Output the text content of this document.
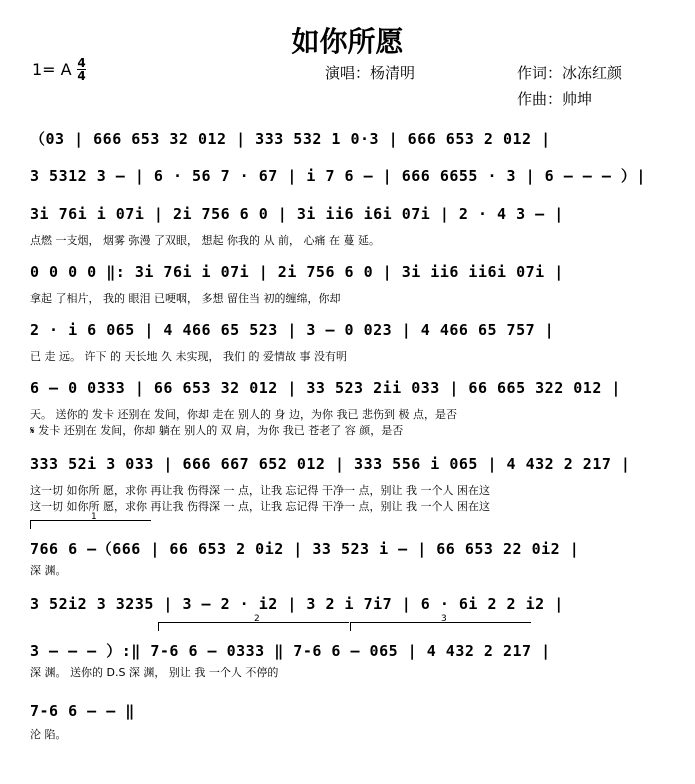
如你所愿
1= A 4
4	演唱：杨清明	作词：冰冻红颜
作曲：帅坤
（03 | 666 653 32 012 | 333 532 1 0·3 | 666 653 2 012 |
3 5312 3 – | 6 · 56 7 · 67 | i 7 6 – | 666 6655 · 3 | 6 – – – ）|
3i 76i i 07i | 2i 756 6 0 | 3i ii6 i6i 07i | 2 · 4 3 – |
点燃 一支烟， 烟雾 弥漫 了双眼， 想起 你我的 从 前， 心痛 在 蔓 延。
0 0 0 0 ‖: 3i 76i i 07i | 2i 756 6 0 | 3i ii6 ii6i 07i |
拿起 了相片， 我的 眼泪 已哽咽， 多想 留住当 初的缠绵，你却
2 · i 6 065 | 4 466 65 523 | 3 – 0 023 | 4 466 65 757 |
已 走 远。 许下 的 天长地 久 未实现， 我们 的 爱情故 事 没有明
6 – 0 0333 | 66 653 32 012 | 33 523 2ii 033 | 66 665 322 012 |
天。 送你的 发卡 还别在 发间，你却 走在 别人的 身 边，为你 我已 悲伤到 极 点，是否
𝄋 发卡 还别在 发间，你却 躺在 别人的 双 肩，为你 我已 苍老了 容 颜，是否
333 52i 3 033 | 666 667 652 012 | 333 556 i 065 | 4 432 2 217 |
这一切 如你所 愿，求你 再让我 伤得深 一 点，让我 忘记得 干净一 点，别让 我 一个人 困在这
这一切 如你所 愿，求你 再让我 伤得深 一 点，让我 忘记得 干净一 点，别让 我 一个人 困在这
1
766 6 –（666 | 66 653 2 0i2 | 33 523 i – | 66 653 22 0i2 |
深 渊。
3 52i2 3 3235 | 3 – 2 · i2 | 3 2 i 7i7 | 6 · 6i 2 2 i2 |
2	3
3 – – – ）:‖ 7-6 6 – 0333 ‖ 7-6 6 – 065 | 4 432 2 217 |
深 渊。 送你的 D.S 深 渊， 别让 我 一个人 不停的
7-6 6 – – ‖
沦 陷。
